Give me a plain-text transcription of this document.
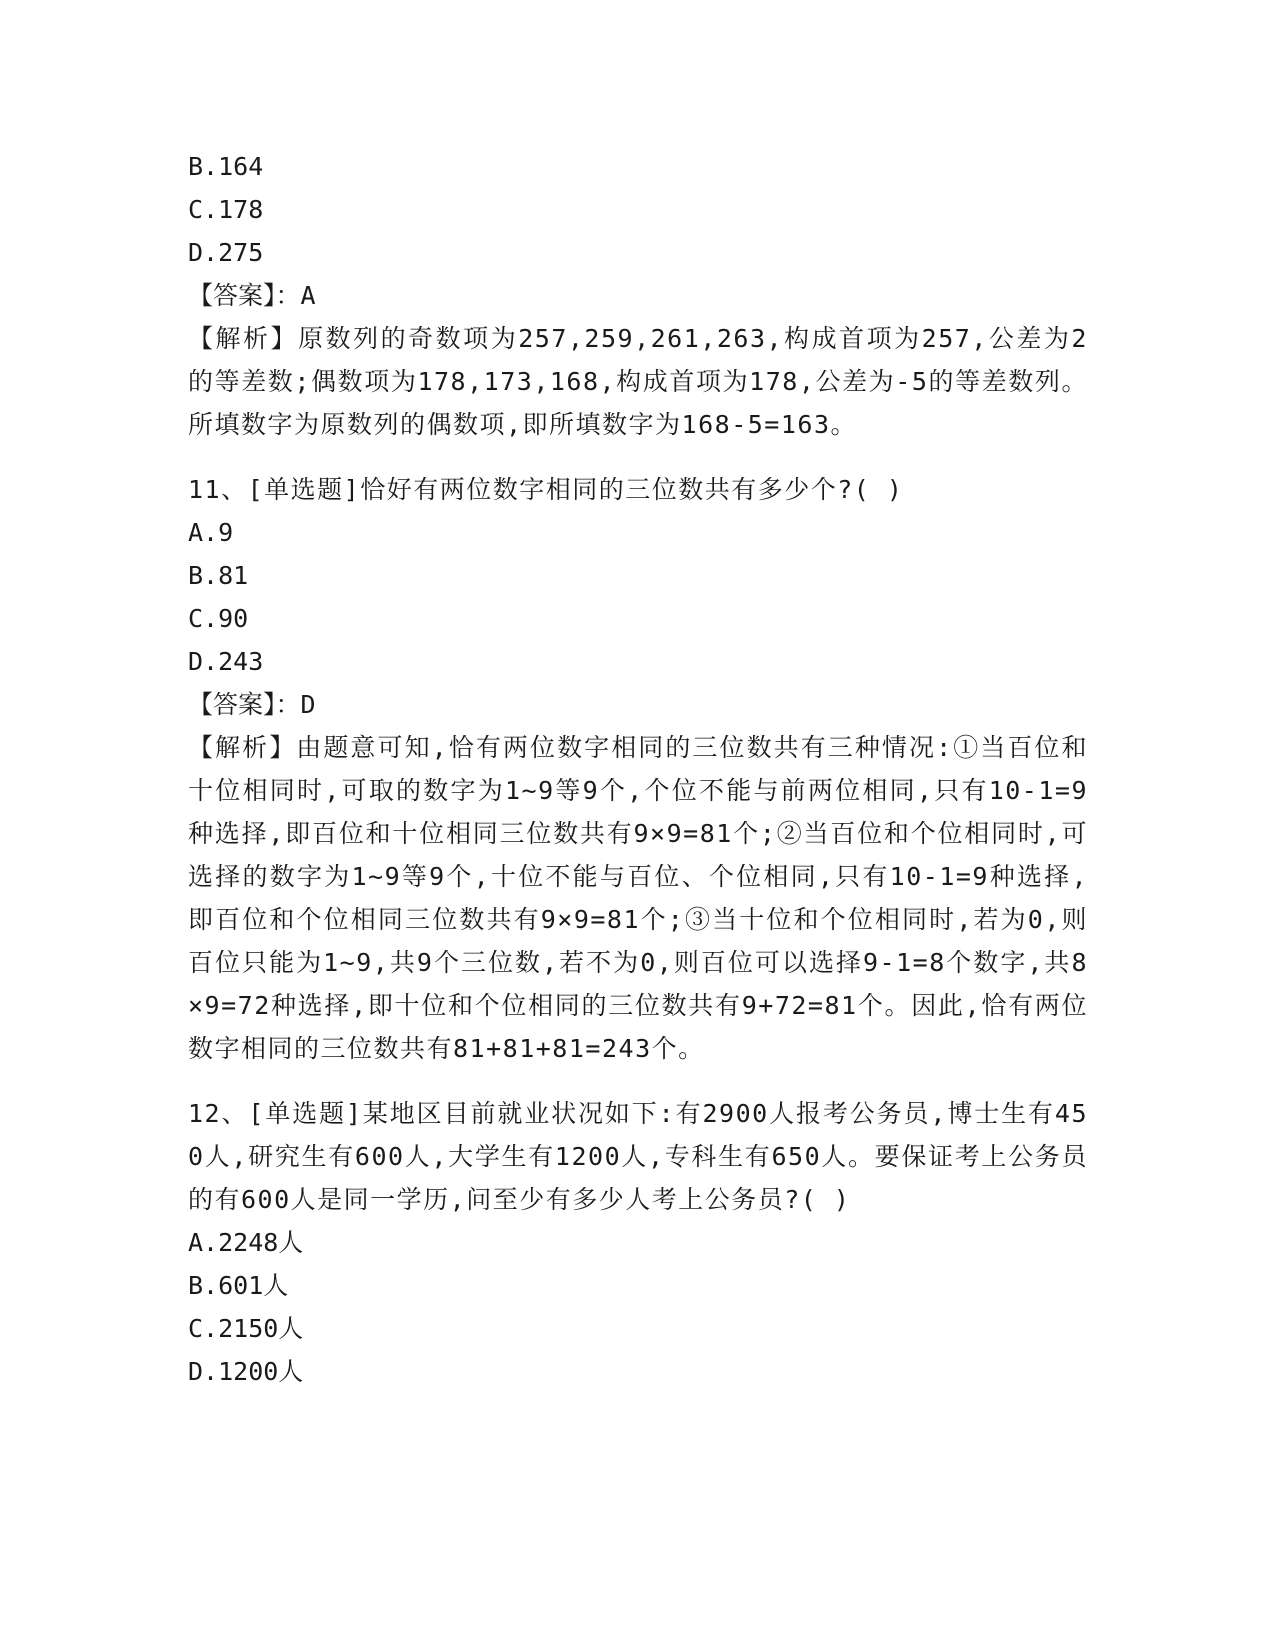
B.164
C.178
D.275
【答案】：A

【解析】原数列的奇数项为257,259,261,263,构成首项为257,公差为2的等差数;偶数项为178,173,168,构成首项为178,公差为-5的等差数列。所填数字为原数列的偶数项,即所填数字为168-5=163。

11、[单选题]恰好有两位数字相同的三位数共有多少个?( )

A.9
B.81
C.90
D.243
【答案】：D

【解析】由题意可知,恰有两位数字相同的三位数共有三种情况:①当百位和十位相同时,可取的数字为1~9等9个,个位不能与前两位相同,只有10-1=9种选择,即百位和十位相同三位数共有9×9=81个;②当百位和个位相同时,可选择的数字为1~9等9个,十位不能与百位、个位相同,只有10-1=9种选择,即百位和个位相同三位数共有9×9=81个;③当十位和个位相同时,若为0,则百位只能为1~9,共9个三位数,若不为0,则百位可以选择9-1=8个数字,共8×9=72种选择,即十位和个位相同的三位数共有9+72=81个。因此,恰有两位数字相同的三位数共有81+81+81=243个。

12、[单选题]某地区目前就业状况如下:有2900人报考公务员,博士生有450人,研究生有600人,大学生有1200人,专科生有650人。要保证考上公务员的有600人是同一学历,问至少有多少人考上公务员?( )

A.2248人
B.601人
C.2150人
D.1200人
